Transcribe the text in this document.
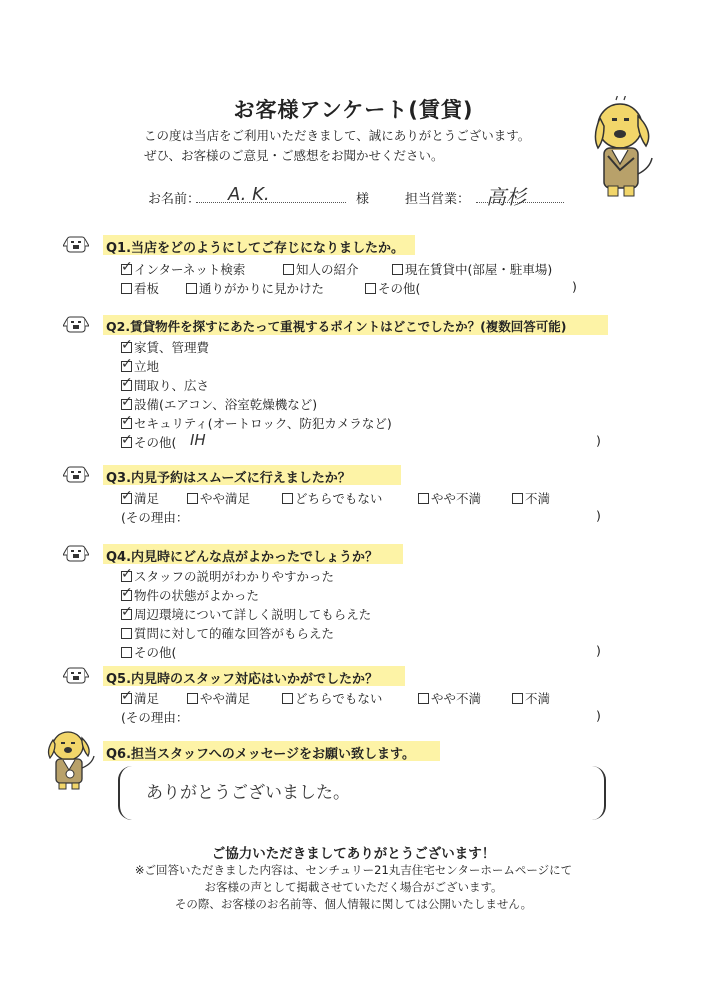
お客様アンケート(賃貸)
この度は当店をご利用いただきまして、誠にありがとうございます。
ぜひ、お客様のご意見・ご感想をお聞かせください。
お名前： A. K.	様	担当営業： 高杉
Q1.当店をどのようにしてご存じになりましたか。
✓ インターネット検索	知人の紹介	現在賃貸中(部屋・駐車場)
看板	通りがかりに見かけた	その他(	)
Q2.賃貸物件を探すにあたって重視するポイントはどこでしたか？(複数回答可能)
✓ 家賃、管理費
✓ 立地
✓ 間取り、広さ
✓ 設備(エアコン、浴室乾燥機など)
✓ セキュリティ(オートロック、防犯カメラなど)
✓ その他( IH	)
Q3.内見予約はスムーズに行えましたか？
✓ 満足	やや満足	どちらでもない	やや不満	不満
(その理由：	)
Q4.内見時にどんな点がよかったでしょうか？
✓ スタッフの説明がわかりやすかった
✓ 物件の状態がよかった
✓ 周辺環境について詳しく説明してもらえた
質問に対して的確な回答がもらえた
その他(	)
Q5.内見時のスタッフ対応はいかがでしたか？
✓ 満足	やや満足	どちらでもない	やや不満	不満
(その理由：	)
Q6.担当スタッフへのメッセージをお願い致します。
ありがとうございました。
ご協力いただきましてありがとうございます！
※ご回答いただきました内容は、センチュリー21丸吉住宅センターホームページにて
お客様の声として掲載させていただく場合がございます。
その際、お客様のお名前等、個人情報に関しては公開いたしません。
